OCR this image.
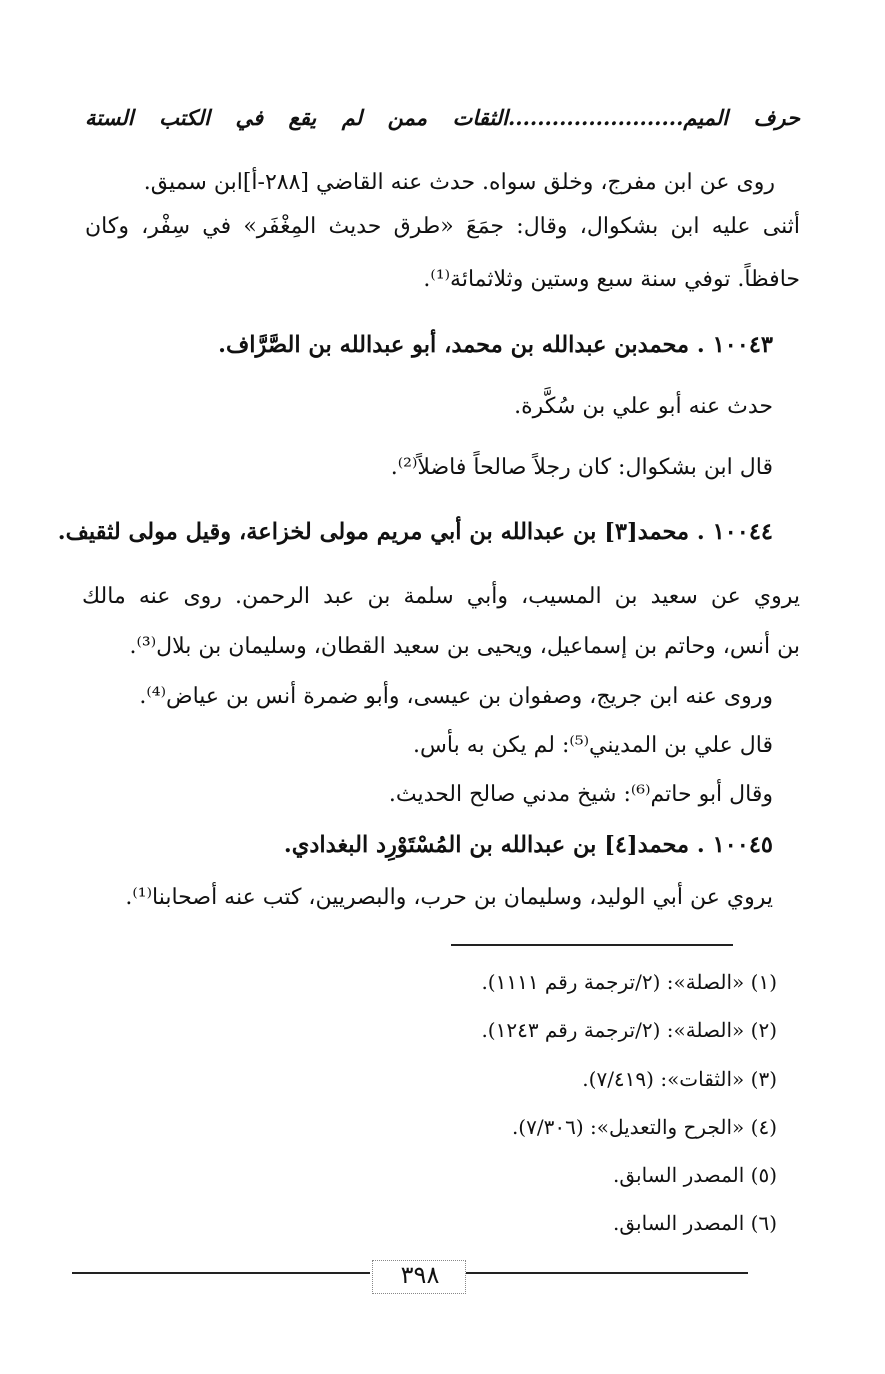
حرف الميم........................الثقات ممن لم يقع في الكتب الستة
روى عن ابن مفرج، وخلق سواه. حدث عنه القاضي [٢٨٨-أ]ابن سميق.
أثنى عليه ابن بشكوال، وقال: جمَعَ «طرق حديث المِغْفَر» في سِفْر، وكان
حافظاً. توفي سنة سبع وستين وثلاثمائة⁽¹⁾.
١٠٠٤٣ . محمدبن عبدالله بن محمد، أبو عبدالله بن الصَّرَّاف.
حدث عنه أبو علي بن سُكَّرة.
قال ابن بشكوال: كان رجلاً صالحاً فاضلاً⁽²⁾.
١٠٠٤٤ . محمد[٣] بن عبدالله بن أبي مريم مولى لخزاعة، وقيل مولى لثقيف.
يروي عن سعيد بن المسيب، وأبي سلمة بن عبد الرحمن. روى عنه مالك
بن أنس، وحاتم بن إسماعيل، ويحيى بن سعيد القطان، وسليمان بن بلال⁽³⁾.
وروى عنه ابن جريج، وصفوان بن عيسى، وأبو ضمرة أنس بن عياض⁽⁴⁾.
قال علي بن المديني⁽⁵⁾: لم يكن به بأس.
وقال أبو حاتم⁽⁶⁾: شيخ مدني صالح الحديث.
١٠٠٤٥ . محمد[٤] بن عبدالله بن المُسْتَوْرِد البغدادي.
يروي عن أبي الوليد، وسليمان بن حرب، والبصريين، كتب عنه أصحابنا⁽¹⁾.
(١) «الصلة»: (٢/ترجمة رقم ١١١١).
(٢) «الصلة»: (٢/ترجمة رقم ١٢٤٣).
(٣) «الثقات»: (٧/٤١٩).
(٤) «الجرح والتعديل»: (٧/٣٠٦).
(٥) المصدر السابق.
(٦) المصدر السابق.
٣٩٨
